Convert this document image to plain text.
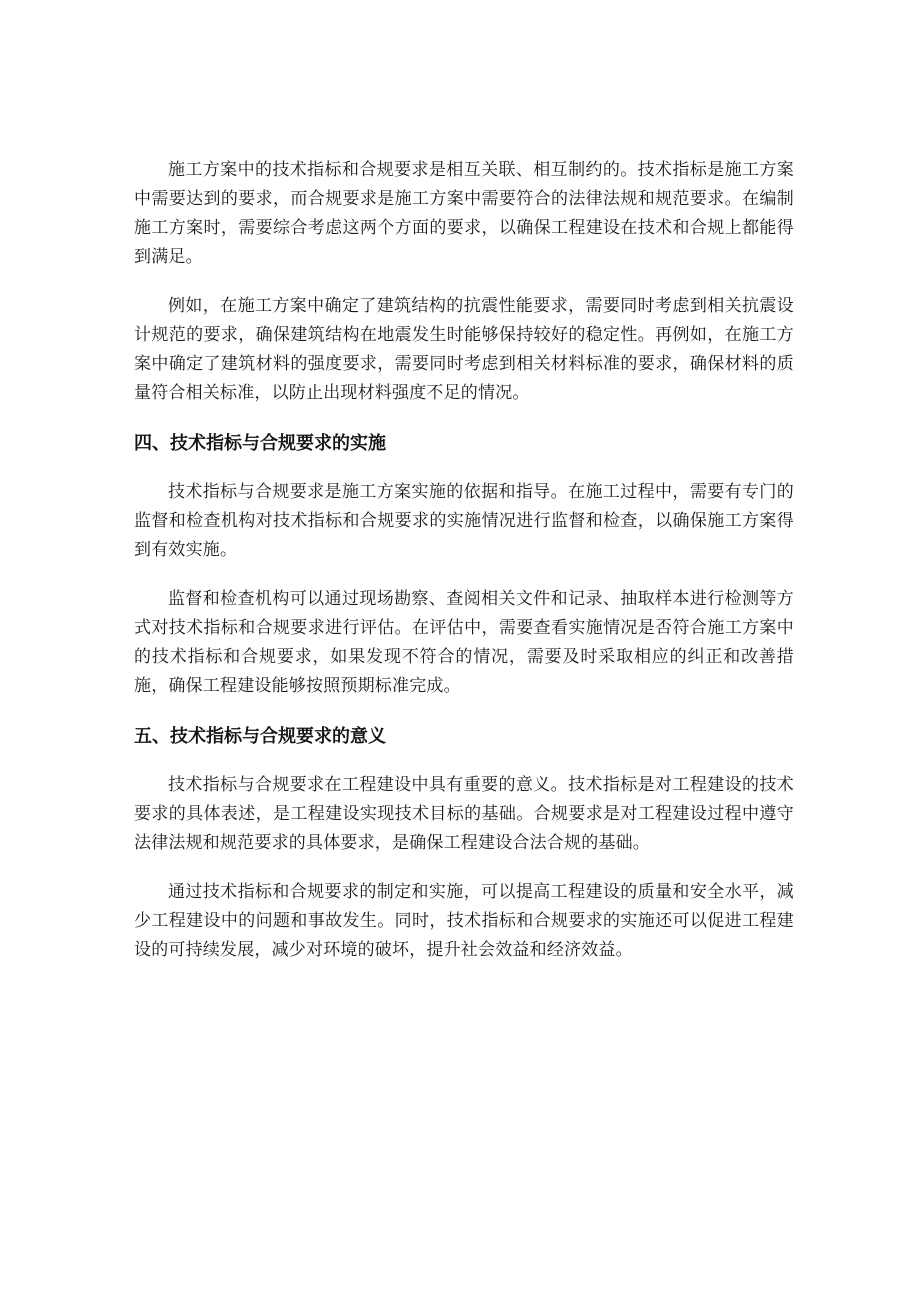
施工方案中的技术指标和合规要求是相互关联、相互制约的。技术指标是施工方案中需要达到的要求，而合规要求是施工方案中需要符合的法律法规和规范要求。在编制施工方案时，需要综合考虑这两个方面的要求，以确保工程建设在技术和合规上都能得到满足。

例如，在施工方案中确定了建筑结构的抗震性能要求，需要同时考虑到相关抗震设计规范的要求，确保建筑结构在地震发生时能够保持较好的稳定性。再例如，在施工方案中确定了建筑材料的强度要求，需要同时考虑到相关材料标准的要求，确保材料的质量符合相关标准，以防止出现材料强度不足的情况。

四、技术指标与合规要求的实施

技术指标与合规要求是施工方案实施的依据和指导。在施工过程中，需要有专门的监督和检查机构对技术指标和合规要求的实施情况进行监督和检查，以确保施工方案得到有效实施。

监督和检查机构可以通过现场勘察、查阅相关文件和记录、抽取样本进行检测等方式对技术指标和合规要求进行评估。在评估中，需要查看实施情况是否符合施工方案中的技术指标和合规要求，如果发现不符合的情况，需要及时采取相应的纠正和改善措施，确保工程建设能够按照预期标准完成。

五、技术指标与合规要求的意义

技术指标与合规要求在工程建设中具有重要的意义。技术指标是对工程建设的技术要求的具体表述，是工程建设实现技术目标的基础。合规要求是对工程建设过程中遵守法律法规和规范要求的具体要求，是确保工程建设合法合规的基础。

通过技术指标和合规要求的制定和实施，可以提高工程建设的质量和安全水平，减少工程建设中的问题和事故发生。同时，技术指标和合规要求的实施还可以促进工程建设的可持续发展，减少对环境的破坏，提升社会效益和经济效益。
